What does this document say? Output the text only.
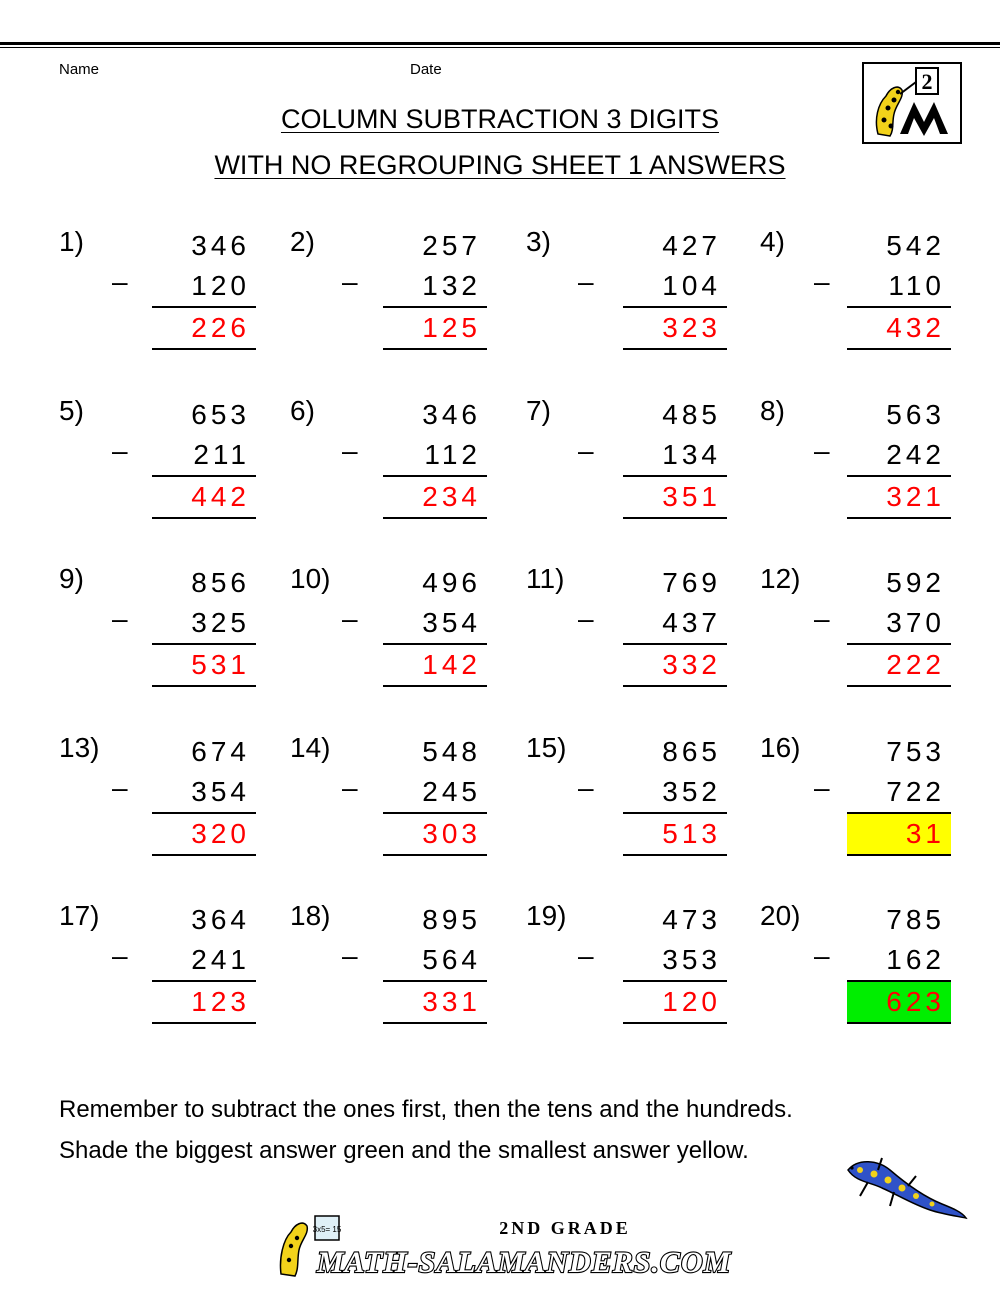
Name	Date	2
COLUMN SUBTRACTION 3 DIGITS
WITH NO REGROUPING SHEET 1 ANSWERS
1)
–
346
120
226
2)
–
257
132
125
3)
–
427
104
323
4)
–
542
110
432
5)
–
653
211
442
6)
–
346
112
234
7)
–
485
134
351
8)
–
563
242
321
9)
–
856
325
531
10)
–
496
354
142
11)
–
769
437
332
12)
–
592
370
222
13)
–
674
354
320
14)
–
548
245
303
15)
–
865
352
513
16)
–
753
722
31
17)
–
364
241
123
18)
–
895
564
331
19)
–
473
353
120
20)
–
785
162
623
Remember to subtract the ones first, then the tens and the hundreds.
Shade the biggest answer green and the smallest answer yellow.
3x5= 15	2ND GRADE
MATH-SALAMANDERS.COM
